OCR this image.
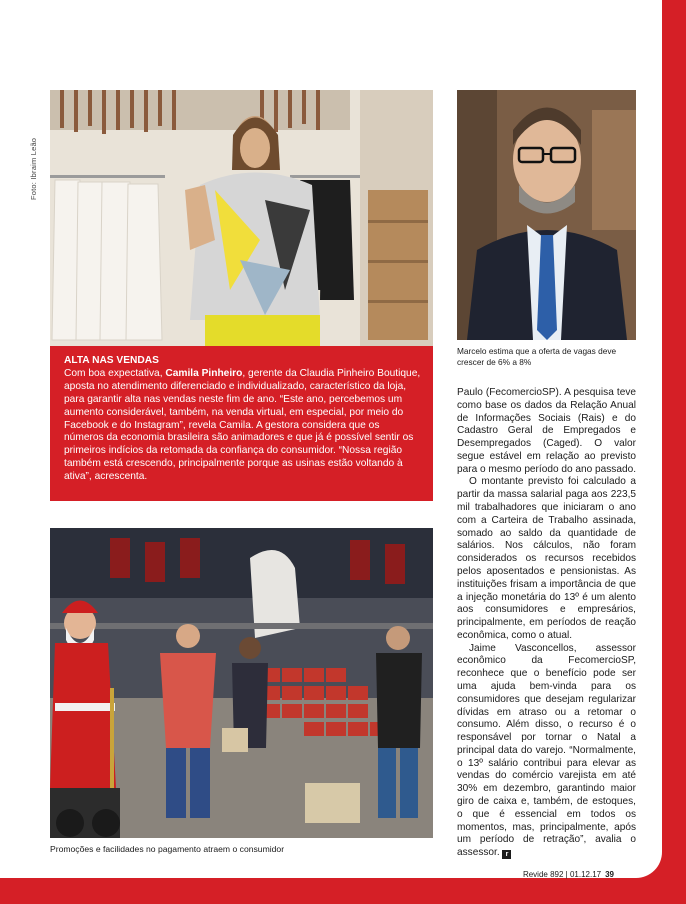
Foto: Ibraim Leão
ALTA NAS VENDAS
Com boa expectativa, Camila Pinheiro, gerente da Claudia Pinheiro Boutique, aposta no atendimento diferenciado e individualizado, característico da loja, para garantir alta nas vendas neste fim de ano. “Este ano, percebemos um aumento considerável, também, na venda virtual, em especial, por meio do Facebook e do Instagram”, revela Camila. A gestora considera que os números da economia brasileira são animadores e que já é possível sentir os primeiros indícios da retomada da confiança do consumidor. “Nossa região também está crescendo, principalmente porque as usinas estão voltando à ativa”, acrescenta.
Marcelo estima que a oferta de vagas deve crescer de 6% a 8%

Paulo (FecomercioSP). A pesquisa teve como base os dados da Relação Anual de Informações Sociais (Rais) e do Cadastro Geral de Empregados e Desempregados (Caged). O valor segue estável em relação ao previsto para o mesmo período do ano passado.

O montante previsto foi calculado a partir da massa salarial paga aos 223,5 mil trabalhadores que iniciaram o ano com a Carteira de Trabalho assinada, somado ao saldo da quantidade de salários. Nos cálculos, não foram considerados os recursos recebidos pelos aposentados e pensionistas. As instituições frisam a importância de que a injeção monetária do 13º é um alento aos consumidores e empresários, principalmente, em períodos de reação econômica, como o atual.

Jaime Vasconcellos, assessor econômico da FecomercioSP, reconhece que o benefício pode ser uma ajuda bem-vinda para os consumidores que desejam regularizar dívidas em atraso ou a retomar o consumo. Além disso, o recurso é o responsável por tornar o Natal a principal data do varejo. “Normalmente, o 13º salário contribui para elevar as vendas do comércio varejista em até 30% em dezembro, garantindo maior giro de caixa e, também, de estoques, o que é essencial em todos os momentos, mas, principalmente, após um período de retração”, avalia o assessor. r

Promoções e facilidades no pagamento atraem o consumidor
Revide 892 | 01.12.17 39
